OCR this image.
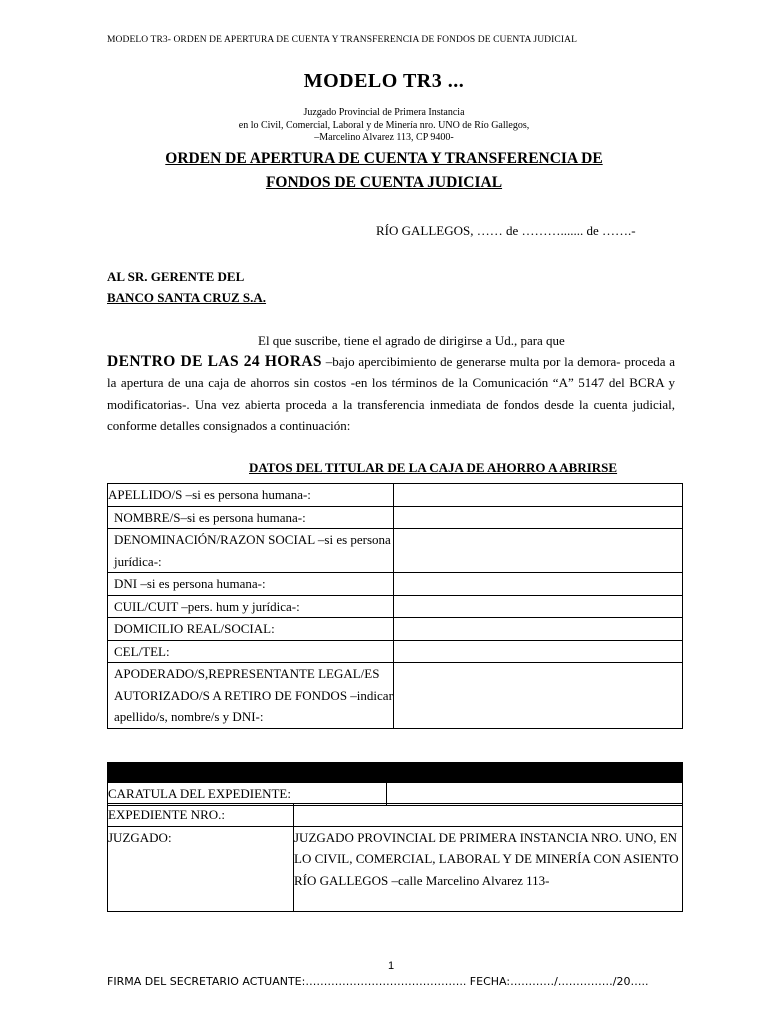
MODELO TR3- ORDEN DE APERTURA DE CUENTA Y TRANSFERENCIA DE FONDOS DE CUENTA JUDICIAL
MODELO TR3 ...
Juzgado Provincial de Primera Instancia
en lo Civil, Comercial, Laboral y de Minería nro. UNO de Río Gallegos,
–Marcelino Alvarez 113, CP 9400-
ORDEN DE APERTURA DE CUENTA Y TRANSFERENCIA DE
FONDOS DE CUENTA JUDICIAL
RÍO GALLEGOS, …… de ………....... de …….-
AL SR. GERENTE DEL
BANCO SANTA CRUZ S.A.
El que suscribe, tiene el agrado de dirigirse a Ud., para que
DENTRO DE LAS 24 HORAS –bajo apercibimiento de generarse multa por la demora- proceda a la apertura de una caja de ahorros sin costos -en los términos de la Comunicación “A” 5147 del BCRA y modificatorias-. Una vez abierta proceda a la transferencia inmediata de fondos desde la cuenta judicial, conforme detalles consignados a continuación:
DATOS DEL TITULAR DE LA CAJA DE AHORRO A ABRIRSE
APELLIDO/S –si es persona humana-:	
NOMBRE/S–si es persona humana-:	
DENOMINACIÓN/RAZON SOCIAL –si es persona jurídica-:	
DNI –si es persona humana-:	
CUIL/CUIT –pers. hum y jurídica-:	
DOMICILIO REAL/SOCIAL:	
CEL/TEL:	
APODERADO/S,REPRESENTANTE LEGAL/ES AUTORIZADO/S A RETIRO DE FONDOS –indicar apellido/s, nombre/s y DNI-:	
CARATULA DEL EXPEDIENTE:	
EXPEDIENTE NRO.:	
JUZGADO:	JUZGADO PROVINCIAL DE PRIMERA INSTANCIA NRO. UNO, EN LO CIVIL, COMERCIAL, LABORAL Y DE MINERÍA CON ASIENTO RÍO GALLEGOS –calle Marcelino Alvarez 113-
1
FIRMA DEL SECRETARIO ACTUANTE:…………………………………….. FECHA:…………/……………/20…..
